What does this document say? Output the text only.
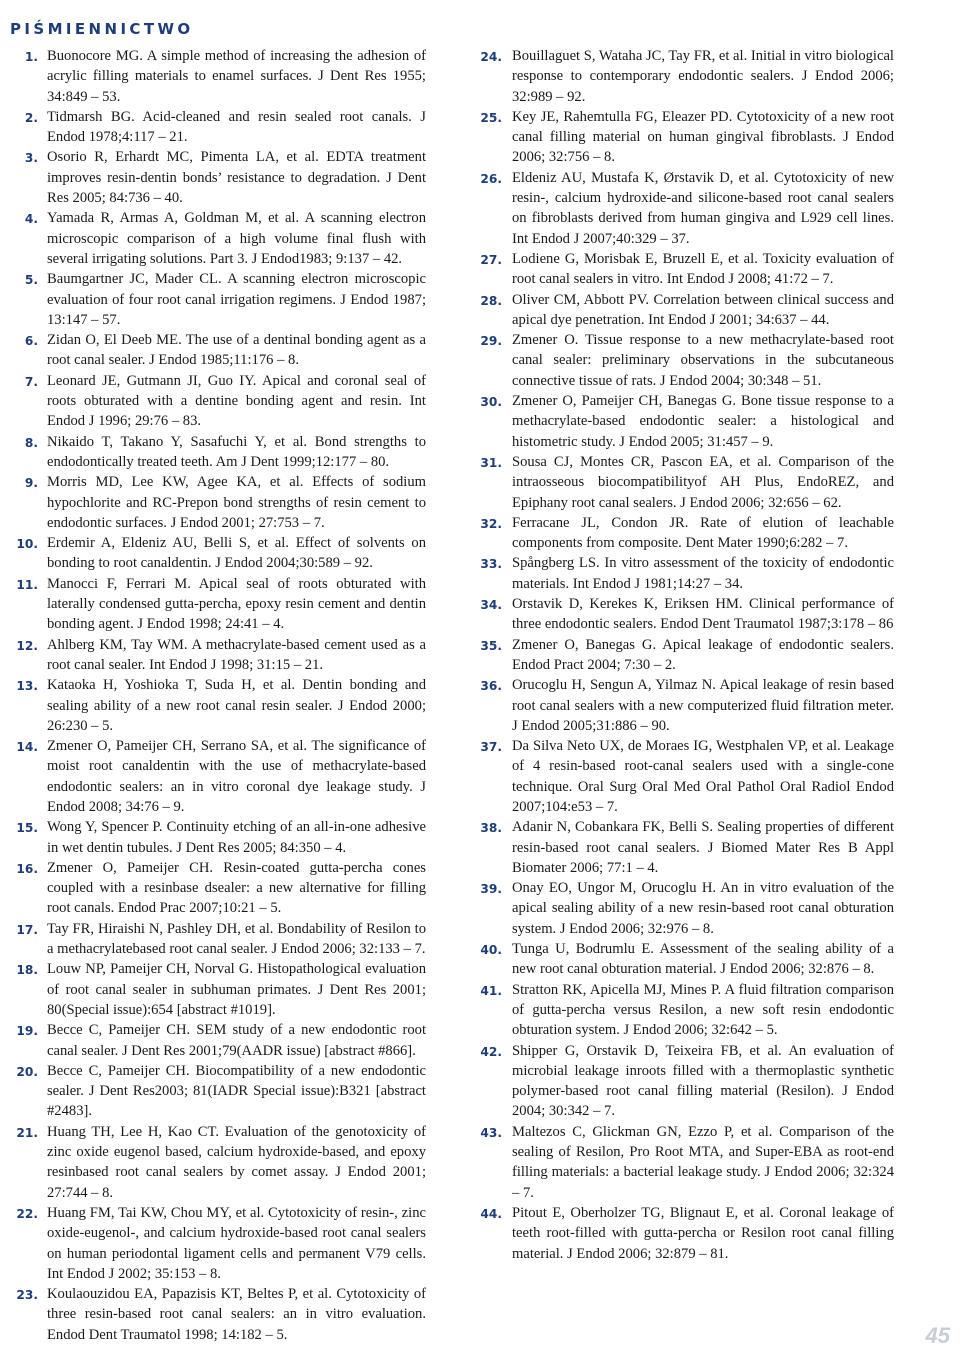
PIŚMIENNICTWO
1. Buonocore MG. A simple method of increasing the adhesion of acrylic filling materials to enamel surfaces. J Dent Res 1955; 34:849 – 53.
2. Tidmarsh BG. Acid-cleaned and resin sealed root canals. J Endod 1978;4:117 – 21.
3. Osorio R, Erhardt MC, Pimenta LA, et al. EDTA treatment improves resin-dentin bonds’ resistance to degradation. J Dent Res 2005; 84:736 – 40.
4. Yamada R, Armas A, Goldman M, et al. A scanning electron microscopic comparison of a high volume final flush with several irrigating solutions. Part 3. J Endod1983; 9:137 – 42.
5. Baumgartner JC, Mader CL. A scanning electron microscopic evaluation of four root canal irrigation regimens. J Endod 1987; 13:147 – 57.
6. Zidan O, El Deeb ME. The use of a dentinal bonding agent as a root canal sealer. J Endod 1985;11:176 – 8.
7. Leonard JE, Gutmann JI, Guo IY. Apical and coronal seal of roots obturated with a dentine bonding agent and resin. Int Endod J 1996; 29:76 – 83.
8. Nikaido T, Takano Y, Sasafuchi Y, et al. Bond strengths to endodontically treated teeth. Am J Dent 1999;12:177 – 80.
9. Morris MD, Lee KW, Agee KA, et al. Effects of sodium hypochlorite and RC-Prepon bond strengths of resin cement to endodontic surfaces. J Endod 2001; 27:753 – 7.
10. Erdemir A, Eldeniz AU, Belli S, et al. Effect of solvents on bonding to root canaldentin. J Endod 2004;30:589 – 92.
11. Manocci F, Ferrari M. Apical seal of roots obturated with laterally condensed gutta-percha, epoxy resin cement and dentin bonding agent. J Endod 1998; 24:41 – 4.
12. Ahlberg KM, Tay WM. A methacrylate-based cement used as a root canal sealer. Int Endod J 1998; 31:15 – 21.
13. Kataoka H, Yoshioka T, Suda H, et al. Dentin bonding and sealing ability of a new root canal resin sealer. J Endod 2000; 26:230 – 5.
14. Zmener O, Pameijer CH, Serrano SA, et al. The significance of moist root canaldentin with the use of methacrylate-based endodontic sealers: an in vitro coronal dye leakage study. J Endod 2008; 34:76 – 9.
15. Wong Y, Spencer P. Continuity etching of an all-in-one adhesive in wet dentin tubules. J Dent Res 2005; 84:350 – 4.
16. Zmener O, Pameijer CH. Resin-coated gutta-percha cones coupled with a resinbase dsealer: a new alternative for filling root canals. Endod Prac 2007;10:21 – 5.
17. Tay FR, Hiraishi N, Pashley DH, et al. Bondability of Resilon to a methacrylatebased root canal sealer. J Endod 2006; 32:133 – 7.
18. Louw NP, Pameijer CH, Norval G. Histopathological evaluation of root canal sealer in subhuman primates. J Dent Res 2001; 80(Special issue):654 [abstract #1019].
19. Becce C, Pameijer CH. SEM study of a new endodontic root canal sealer. J Dent Res 2001;79(AADR issue) [abstract #866].
20. Becce C, Pameijer CH. Biocompatibility of a new endodontic sealer. J Dent Res2003; 81(IADR Special issue):B321 [abstract #2483].
21. Huang TH, Lee H, Kao CT. Evaluation of the genotoxicity of zinc oxide eugenol based, calcium hydroxide-based, and epoxy resinbased root canal sealers by comet assay. J Endod 2001; 27:744 – 8.
22. Huang FM, Tai KW, Chou MY, et al. Cytotoxicity of resin-, zinc oxide-eugenol-, and calcium hydroxide-based root canal sealers on human periodontal ligament cells and permanent V79 cells. Int Endod J 2002; 35:153 – 8.
23. Koulaouzidou EA, Papazisis KT, Beltes P, et al. Cytotoxicity of three resin-based root canal sealers: an in vitro evaluation. Endod Dent Traumatol 1998; 14:182 – 5.
24. Bouillaguet S, Wataha JC, Tay FR, et al. Initial in vitro biological response to contemporary endodontic sealers. J Endod 2006; 32:989 – 92.
25. Key JE, Rahemtulla FG, Eleazer PD. Cytotoxicity of a new root canal filling material on human gingival fibroblasts. J Endod 2006; 32:756 – 8.
26. Eldeniz AU, Mustafa K, Ørstavik D, et al. Cytotoxicity of new resin-, calcium hydroxide-and silicone-based root canal sealers on fibroblasts derived from human gingiva and L929 cell lines. Int Endod J 2007;40:329 – 37.
27. Lodiene G, Morisbak E, Bruzell E, et al. Toxicity evaluation of root canal sealers in vitro. Int Endod J 2008; 41:72 – 7.
28. Oliver CM, Abbott PV. Correlation between clinical success and apical dye penetration. Int Endod J 2001; 34:637 – 44.
29. Zmener O. Tissue response to a new methacrylate-based root canal sealer: preliminary observations in the subcutaneous connective tissue of rats. J Endod 2004; 30:348 – 51.
30. Zmener O, Pameijer CH, Banegas G. Bone tissue response to a methacrylate-based endodontic sealer: a histological and histometric study. J Endod 2005; 31:457 – 9.
31. Sousa CJ, Montes CR, Pascon EA, et al. Comparison of the intraosseous biocompatibilityof AH Plus, EndoREZ, and Epiphany root canal sealers. J Endod 2006; 32:656 – 62.
32. Ferracane JL, Condon JR. Rate of elution of leachable components from composite. Dent Mater 1990;6:282 – 7.
33. Spångberg LS. In vitro assessment of the toxicity of endodontic materials. Int Endod J 1981;14:27 – 34.
34. Orstavik D, Kerekes K, Eriksen HM. Clinical performance of three endodontic sealers. Endod Dent Traumatol 1987;3:178 – 86
35. Zmener O, Banegas G. Apical leakage of endodontic sealers. Endod Pract 2004; 7:30 – 2.
36. Orucoglu H, Sengun A, Yilmaz N. Apical leakage of resin based root canal sealers with a new computerized fluid filtration meter. J Endod 2005;31:886 – 90.
37. Da Silva Neto UX, de Moraes IG, Westphalen VP, et al. Leakage of 4 resin-based root-canal sealers used with a single-cone technique. Oral Surg Oral Med Oral Pathol Oral Radiol Endod 2007;104:e53 – 7.
38. Adanir N, Cobankara FK, Belli S. Sealing properties of different resin-based root canal sealers. J Biomed Mater Res B Appl Biomater 2006; 77:1 – 4.
39. Onay EO, Ungor M, Orucoglu H. An in vitro evaluation of the apical sealing ability of a new resin-based root canal obturation system. J Endod 2006; 32:976 – 8.
40. Tunga U, Bodrumlu E. Assessment of the sealing ability of a new root canal obturation material. J Endod 2006; 32:876 – 8.
41. Stratton RK, Apicella MJ, Mines P. A fluid filtration comparison of gutta-percha versus Resilon, a new soft resin endodontic obturation system. J Endod 2006; 32:642 – 5.
42. Shipper G, Orstavik D, Teixeira FB, et al. An evaluation of microbial leakage inroots filled with a thermoplastic synthetic polymer-based root canal filling material (Resilon). J Endod 2004; 30:342 – 7.
43. Maltezos C, Glickman GN, Ezzo P, et al. Comparison of the sealing of Resilon, Pro Root MTA, and Super-EBA as root-end filling materials: a bacterial leakage study. J Endod 2006; 32:324 – 7.
44. Pitout E, Oberholzer TG, Blignaut E, et al. Coronal leakage of teeth root-filled with gutta-percha or Resilon root canal filling material. J Endod 2006; 32:879 – 81.
45
